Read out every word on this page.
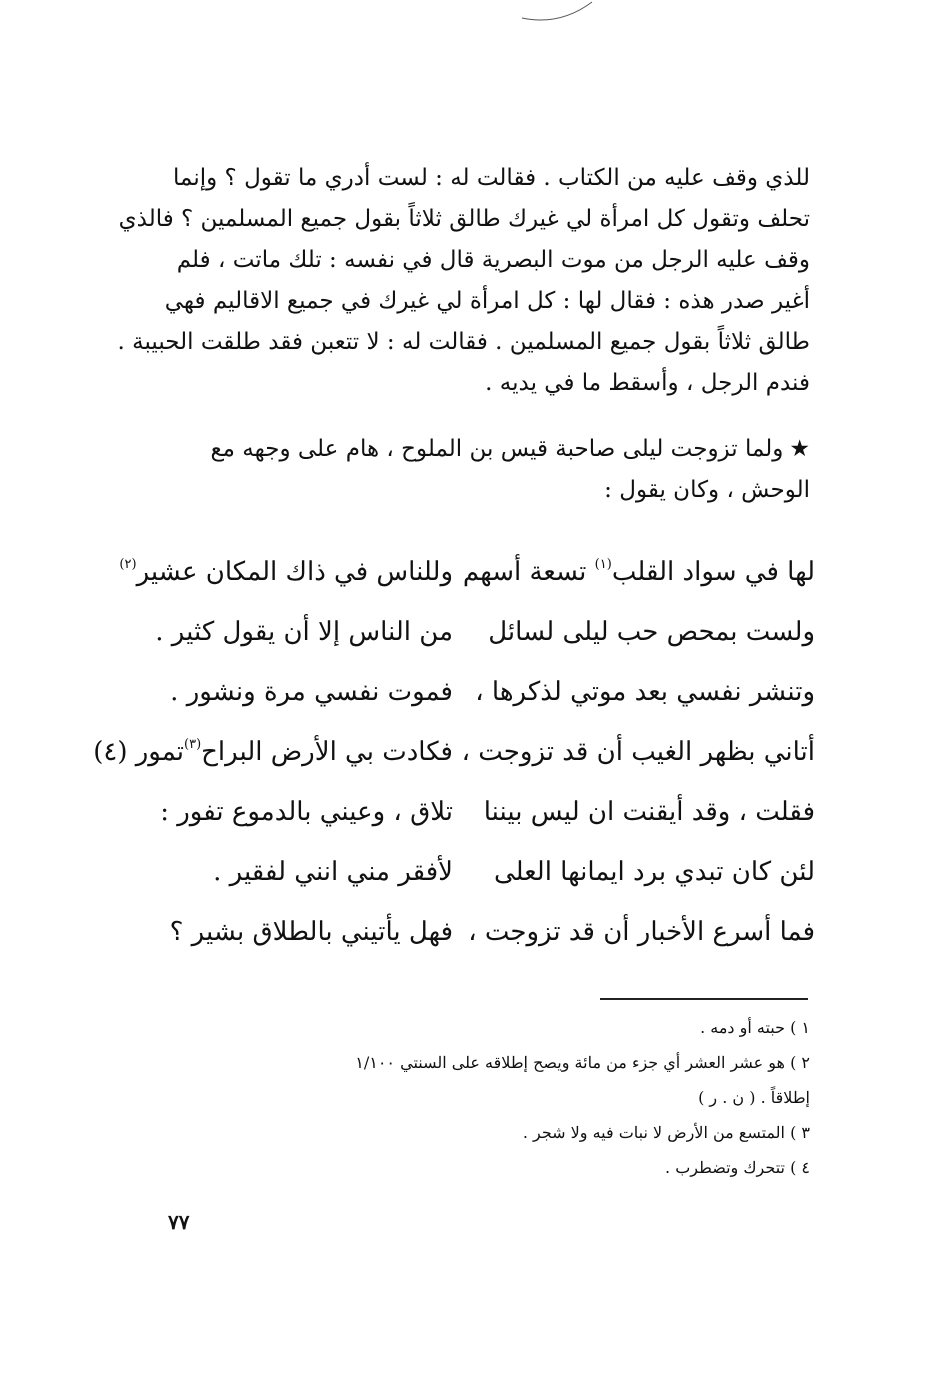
للذي وقف عليه من الكتاب . فقالت له : لست أدري ما تقول ؟ وإنما
تحلف وتقول كل امرأة لي غيرك طالق ثلاثاً بقول جميع المسلمين ؟ فالذي
وقف عليه الرجل من موت البصرية قال في نفسه : تلك ماتت ، فلم
أغير صدر هذه : فقال لها : كل امرأة لي غيرك في جميع الاقاليم فهي
طالق ثلاثاً بقول جميع المسلمين . فقالت له : لا تتعبن فقد طلقت الحبيبة .
فندم الرجل ، وأسقط ما في يديه .
★ولما تزوجت ليلى صاحبة قيس بن الملوح ، هام على وجهه مع
الوحش ، وكان يقول :
لها في سواد القلب$^{(١)}$ تسعة أسهم
وللناس في ذاك المكان عشير$^{(٢)}$
ولست بمحص حب ليلى لسائل
من الناس إلا أن يقول كثير .
وتنشر نفسي بعد موتي لذكرها ،
فموت نفسي مرة ونشور .
أتاني بظهر الغيب أن قد تزوجت ،
فكادت بي الأرض البراح$^{(٣)}$تمور (٤)
فقلت ، وقد أيقنت ان ليس بيننا
تلاق ، وعيني بالدموع تفور :
لئن كان تبدي برد ايمانها العلى
لأفقر مني انني لفقير .
فما أسرع الأخبار أن قد تزوجت ،
فهل يأتيني بالطلاق بشير ؟
١ ) حبته أو دمه .
٢ ) هو عشر العشر أي جزء من مائة ويصح إطلاقه على السنتي ١/١٠٠
إطلاقاً . ( ن . ر )
٣ ) المتسع من الأرض لا نبات فيه ولا شجر .
٤ ) تتحرك وتضطرب .
٧٧
